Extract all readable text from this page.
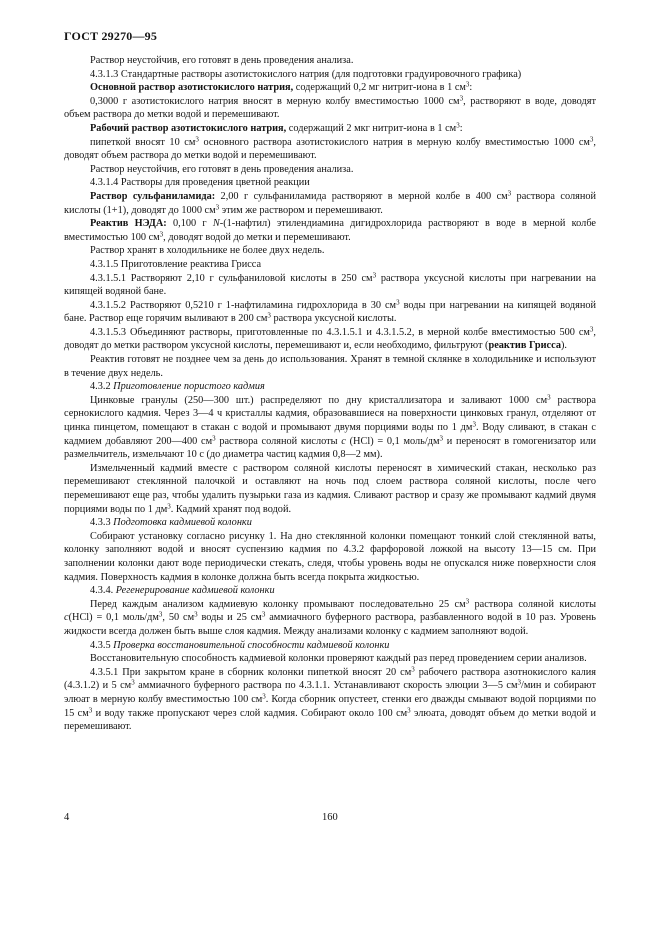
ГОСТ 29270—95

Раствор неустойчив, его готовят в день проведения анализа.

4.3.1.3 Стандартные растворы азотистокислого натрия (для подготовки градуировочного графика)

Основной раствор азотистокислого натрия, содержащий 0,2 мг нитрит-иона в 1 $см^3$:

0,3000 г азотистокислого натрия вносят в мерную колбу вместимостью 1000 $см^3$, растворяют в воде, доводят объем раствора до метки водой и перемешивают.

Рабочий раствор азотистокислого натрия, содержащий 2 мкг нитрит-иона в 1 $см^3$:

пипеткой вносят 10 $см^3$ основного раствора азотистокислого натрия в мерную колбу вместимостью 1000 $см^3$, доводят объем раствора до метки водой и перемешивают.

Раствор неустойчив, его готовят в день проведения анализа.

4.3.1.4 Растворы для проведения цветной реакции

Раствор сульфаниламида: 2,00 г сульфаниламида растворяют в мерной колбе в 400 $см^3$ раствора соляной кислоты (1+1), доводят до 1000 $см^3$ этим же раствором и перемешивают.

Реактив НЭДА: 0,100 г N-(1-нафтил) этилендиамина дигидрохлорида растворяют в воде в мерной колбе вместимостью 100 $см^3$, доводят водой до метки и перемешивают.

Раствор хранят в холодильнике не более двух недель.

4.3.1.5 Приготовление реактива Грисса

4.3.1.5.1 Растворяют 2,10 г сульфаниловой кислоты в 250 $см^3$ раствора уксусной кислоты при нагревании на кипящей водяной бане.

4.3.1.5.2 Растворяют 0,5210 г 1-нафтиламина гидрохлорида в 30 $см^3$ воды при нагревании на кипящей водяной бане. Раствор еще горячим выливают в 200 $см^3$ раствора уксусной кислоты.

4.3.1.5.3 Объединяют растворы, приготовленные по 4.3.1.5.1 и 4.3.1.5.2, в мерной колбе вместимостью 500 $см^3$, доводят до метки раствором уксусной кислоты, перемешивают и, если необходимо, фильтруют (реактив Грисса).

Реактив готовят не позднее чем за день до использования. Хранят в темной склянке в холодильнике и используют в течение двух недель.

4.3.2 Приготовление пористого кадмия

Цинковые гранулы (250—300 шт.) распределяют по дну кристаллизатора и заливают 1000 $см^3$ раствора сернокислого кадмия. Через 3—4 ч кристаллы кадмия, образовавшиеся на поверхности цинковых гранул, отделяют от цинка пинцетом, помещают в стакан с водой и промывают двумя порциями воды по 1 $дм^3$. Воду сливают, в стакан с кадмием добавляют 200—400 $см^3$ раствора соляной кислоты с (HCl) = 0,1 моль/$дм^3$ и переносят в гомогенизатор или размельчитель, измельчают 10 с (до диаметра частиц кадмия 0,8—2 мм).

Измельченный кадмий вместе с раствором соляной кислоты переносят в химический стакан, несколько раз перемешивают стеклянной палочкой и оставляют на ночь под слоем раствора соляной кислоты, после чего перемешивают еще раз, чтобы удалить пузырьки газа из кадмия. Сливают раствор и сразу же промывают кадмий двумя порциями воды по 1 $дм^3$. Кадмий хранят под водой.

4.3.3 Подготовка кадмиевой колонки

Собирают установку согласно рисунку 1. На дно стеклянной колонки помещают тонкий слой стеклянной ваты, колонку заполняют водой и вносят суспензию кадмия по 4.3.2 фарфоровой ложкой на высоту 13—15 см. При заполнении колонки дают воде периодически стекать, следя, чтобы уровень воды не опускался ниже поверхности слоя кадмия. Поверхность кадмия в колонке должна быть всегда покрыта жидкостью.

4.3.4. Регенерирование кадмиевой колонки

Перед каждым анализом кадмиевую колонку промывают последовательно 25 $см^3$ раствора соляной кислоты с(HCl) = 0,1 моль/$дм^3$, 50 $см^3$ воды и 25 $см^3$ аммиачного буферного раствора, разбавленного водой в 10 раз. Уровень жидкости всегда должен быть выше слоя кадмия. Между анализами колонку с кадмием заполняют водой.

4.3.5 Проверка восстановительной способности кадмиевой колонки

Восстановительную способность кадмиевой колонки проверяют каждый раз перед проведением серии анализов.

4.3.5.1 При закрытом кране в сборник колонки пипеткой вносят 20 $см^3$ рабочего раствора азотнокислого калия (4.3.1.2) и 5 $см^3$ аммиачного буферного раствора по 4.3.1.1. Устанавливают скорость элюции 3—5 $см^3$/мин и собирают элюат в мерную колбу вместимостью 100 $см^3$. Когда сборник опустеет, стенки его дважды смывают водой порциями по 15 $см^3$ и воду также пропускают через слой кадмия. Собирают около 100 $см^3$ элюата, доводят объем до метки водой и перемешивают.

4	160
